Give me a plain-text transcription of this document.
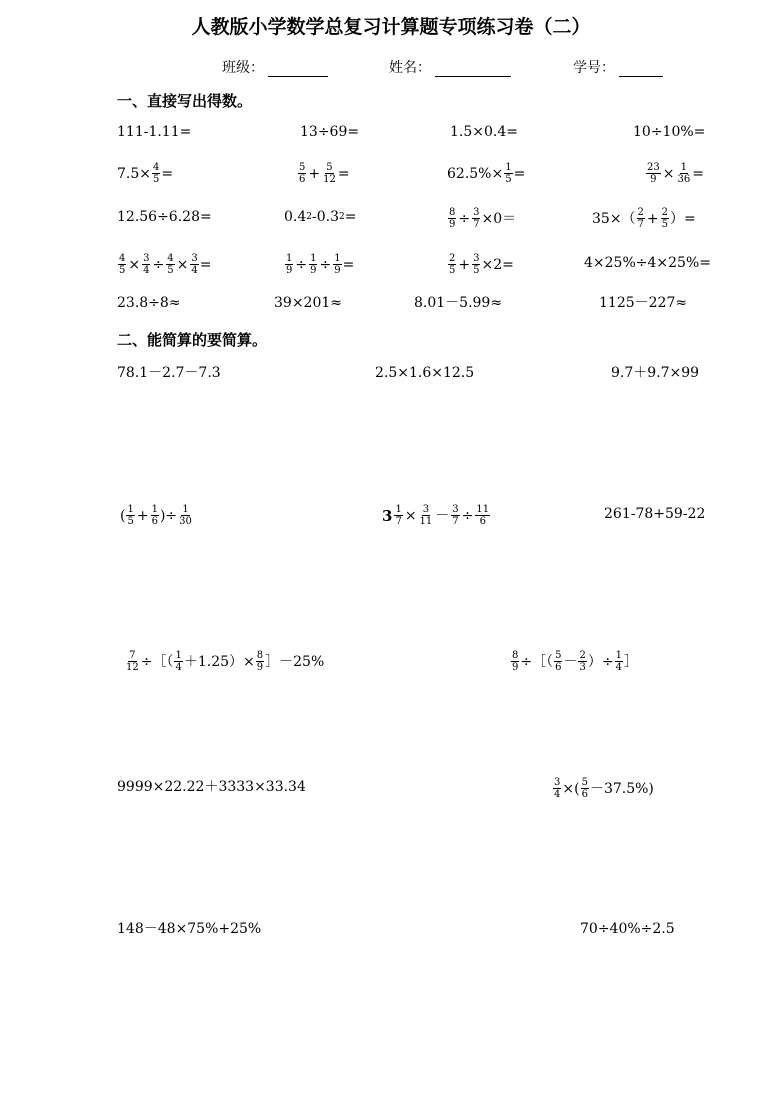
人教版小学数学总复习计算题专项练习卷（二）
班级：	姓名：	学号：
一、直接写出得数。
111-1.11=	13÷69=	1.5×0.4=	10÷10%=
$7.5\times \frac{4}{5}$ =	$\frac{5}{6} + \frac{5}{12}$ =	$62.5\%\times \frac{1}{5}$ =	$\frac{23}{9} \times \frac{1}{36}$ =
12.56÷6.28=	0.4 2 -0.3 2 =	$\frac{8}{9} \div \frac{3}{7} \times 0=$	$35\times( \frac{2}{7} + \frac{2}{5}$ ）=
$\frac{4}{5} \times \frac{3}{4} \div \frac{4}{5} \times \frac{3}{4}$ =	$\frac{1}{9} \div \frac{1}{9} \div \frac{1}{9}$ =	$\frac{2}{5} + \frac{3}{5} \times 2=$	4×25%÷4×25%=
23.8÷8≈	39×201≈	8.01－5.99≈	1125－227≈
二、能简算的要简算。
78.1－2.7－7.3	2.5×1.6×12.5	9.7＋9.7×99
( $\frac{1}{5} + \frac{1}{6}$ )÷ $\frac{1}{30}$	$3 \frac{1}{7} \times \frac{3}{11} - \frac{3}{7} \div \frac{11}{6}$	261-78+59-22
$\frac{7}{12}$ ÷［（ $\frac{1}{4} +1.25)\times \frac{8}{9}$ ］－25%	$\frac{8}{9}$ ÷［（ $\frac{5}{6} - \frac{2}{3}$ ）÷ $\frac{1}{4}$ ］
9999×22.22＋3333×33.34	$\frac{3}{4}$ ×( $\frac{5}{6} -37.5\%$)
148－48×75%+25%	70÷40%÷2.5
